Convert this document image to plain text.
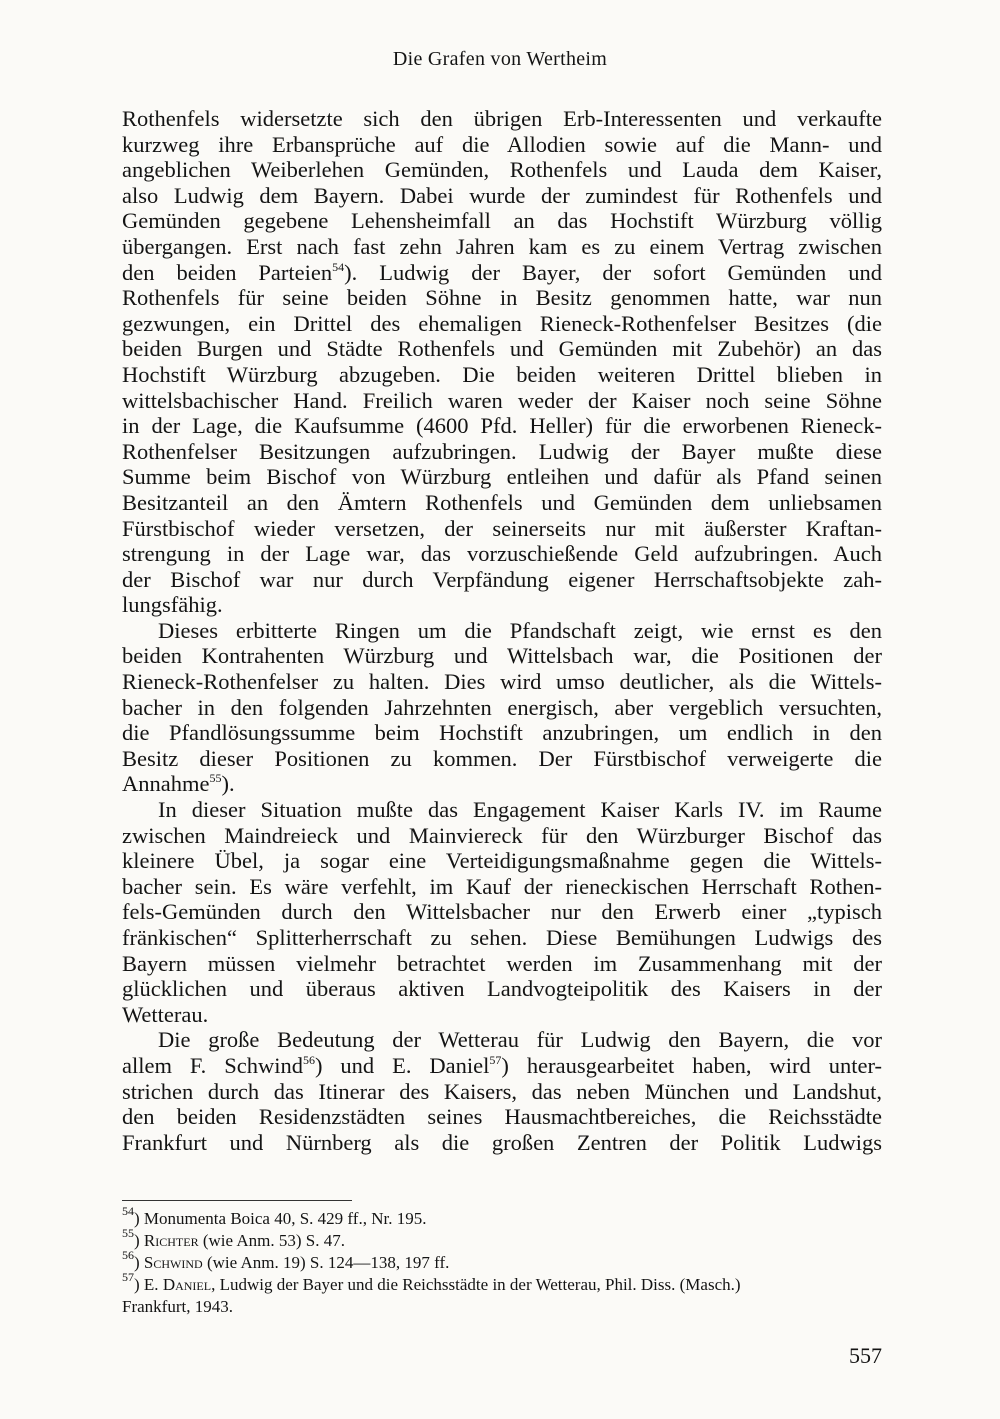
Die Grafen von Wertheim
Rothenfels widersetzte sich den übrigen Erb-Interessenten und verkaufte
kurzweg ihre Erbansprüche auf die Allodien sowie auf die Mann- und
angeblichen Weiberlehen Gemünden, Rothenfels und Lauda dem Kaiser,
also Ludwig dem Bayern. Dabei wurde der zumindest für Rothenfels und
Gemünden gegebene Lehensheimfall an das Hochstift Würzburg völlig
übergangen. Erst nach fast zehn Jahren kam es zu einem Vertrag zwischen
den beiden Parteien$^{54}$). Ludwig der Bayer, der sofort Gemünden und
Rothenfels für seine beiden Söhne in Besitz genommen hatte, war nun
gezwungen, ein Drittel des ehemaligen Rieneck-Rothenfelser Besitzes (die
beiden Burgen und Städte Rothenfels und Gemünden mit Zubehör) an das
Hochstift Würzburg abzugeben. Die beiden weiteren Drittel blieben in
wittelsbachischer Hand. Freilich waren weder der Kaiser noch seine Söhne
in der Lage, die Kaufsumme (4600 Pfd. Heller) für die erworbenen Rieneck-
Rothenfelser Besitzungen aufzubringen. Ludwig der Bayer mußte diese
Summe beim Bischof von Würzburg entleihen und dafür als Pfand seinen
Besitzanteil an den Ämtern Rothenfels und Gemünden dem unliebsamen
Fürstbischof wieder versetzen, der seinerseits nur mit äußerster Kraftan-
strengung in der Lage war, das vorzuschießende Geld aufzubringen. Auch
der Bischof war nur durch Verpfändung eigener Herrschaftsobjekte zah-
lungsfähig.
Dieses erbitterte Ringen um die Pfandschaft zeigt, wie ernst es den
beiden Kontrahenten Würzburg und Wittelsbach war, die Positionen der
Rieneck-Rothenfelser zu halten. Dies wird umso deutlicher, als die Wittels-
bacher in den folgenden Jahrzehnten energisch, aber vergeblich versuchten,
die Pfandlösungssumme beim Hochstift anzubringen, um endlich in den
Besitz dieser Positionen zu kommen. Der Fürstbischof verweigerte die
Annahme$^{55}$).
In dieser Situation mußte das Engagement Kaiser Karls IV. im Raume
zwischen Maindreieck und Mainviereck für den Würzburger Bischof das
kleinere Übel, ja sogar eine Verteidigungsmaßnahme gegen die Wittels-
bacher sein. Es wäre verfehlt, im Kauf der rieneckischen Herrschaft Rothen-
fels-Gemünden durch den Wittelsbacher nur den Erwerb einer „typisch
fränkischen“ Splitterherrschaft zu sehen. Diese Bemühungen Ludwigs des
Bayern müssen vielmehr betrachtet werden im Zusammenhang mit der
glücklichen und überaus aktiven Landvogteipolitik des Kaisers in der
Wetterau.
Die große Bedeutung der Wetterau für Ludwig den Bayern, die vor
allem F. Schwind$^{56}$) und E. Daniel$^{57}$) herausgearbeitet haben, wird unter-
strichen durch das Itinerar des Kaisers, das neben München und Landshut,
den beiden Residenzstädten seines Hausmachtbereiches, die Reichsstädte
Frankfurt und Nürnberg als die großen Zentren der Politik Ludwigs
$^{54}$) Monumenta Boica 40, S. 429 ff., Nr. 195.
$^{55}$) Richter (wie Anm. 53) S. 47.
$^{56}$) Schwind (wie Anm. 19) S. 124—138, 197 ff.
$^{57}$) E. Daniel, Ludwig der Bayer und die Reichsstädte in der Wetterau, Phil. Diss. (Masch.)
Frankfurt, 1943.
557
